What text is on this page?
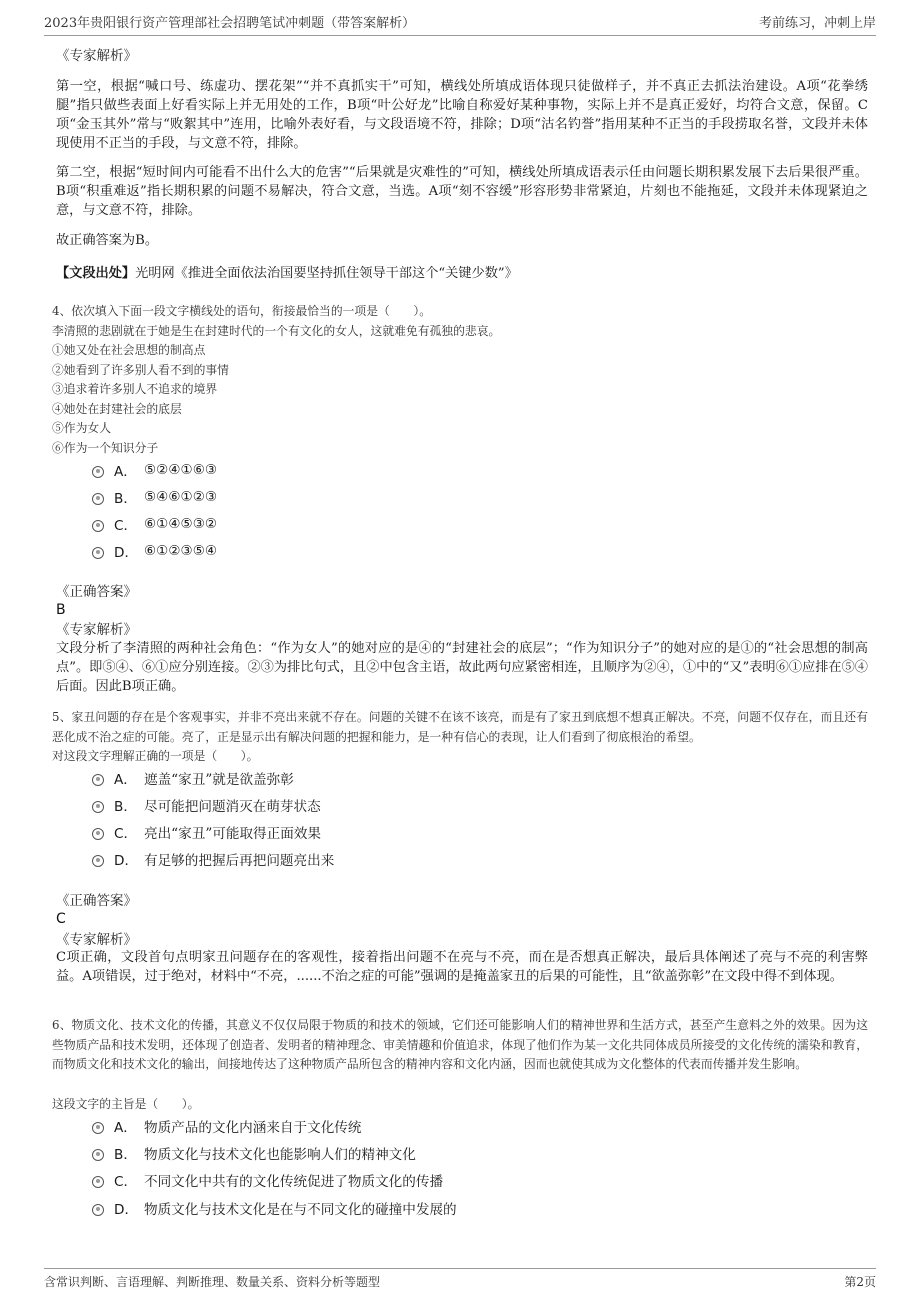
2023年贵阳银行资产管理部社会招聘笔试冲刺题（带答案解析）	考前练习，冲刺上岸
《专家解析》
第一空，根据“喊口号、练虚功、摆花架”“并不真抓实干”可知，横线处所填成语体现只徒做样子，并不真正去抓法治建设。A项“花拳绣腿”指只做些表面上好看实际上并无用处的工作，B项“叶公好龙”比喻自称爱好某种事物，实际上并不是真正爱好，均符合文意，保留。C项“金玉其外”常与“败絮其中”连用，比喻外表好看，与文段语境不符，排除；D项“沽名钓誉”指用某种不正当的手段捞取名誉，文段并未体现使用不正当的手段，与文意不符，排除。
第二空，根据“短时间内可能看不出什么大的危害”“后果就是灾难性的”可知，横线处所填成语表示任由问题长期积累发展下去后果很严重。B项“积重难返”指长期积累的问题不易解决，符合文意，当选。A项“刻不容缓”形容形势非常紧迫，片刻也不能拖延，文段并未体现紧迫之意，与文意不符，排除。
故正确答案为B。
【文段出处】光明网《推进全面依法治国要坚持抓住领导干部这个“关键少数”》
4、依次填入下面一段文字横线处的语句，衔接最恰当的一项是（　　）。
李清照的悲剧就在于她是生在封建时代的一个有文化的女人，这就难免有孤独的悲哀。
①她又处在社会思想的制高点
②她看到了许多别人看不到的事情
③追求着许多别人不追求的境界
④她处在封建社会的底层
⑤作为女人
⑥作为一个知识分子
A． ⑤②④①⑥③
B． ⑤④⑥①②③
C． ⑥①④⑤③②
D． ⑥①②③⑤④
《正确答案》
B
《专家解析》
文段分析了李清照的两种社会角色：“作为女人”的她对应的是④的“封建社会的底层”；“作为知识分子”的她对应的是①的“社会思想的制高点”。即⑤④、⑥①应分别连接。②③为排比句式，且②中包含主语，故此两句应紧密相连，且顺序为②④，①中的“又”表明⑥①应排在⑤④后面。因此B项正确。
5、家丑问题的存在是个客观事实，并非不亮出来就不存在。问题的关键不在该不该亮，而是有了家丑到底想不想真正解决。不亮，问题不仅存在，而且还有恶化成不治之症的可能。亮了，正是显示出有解决问题的把握和能力，是一种有信心的表现，让人们看到了彻底根治的希望。
对这段文字理解正确的一项是（　　）。
A． 遮盖“家丑”就是欲盖弥彰
B． 尽可能把问题消灭在萌芽状态
C． 亮出“家丑”可能取得正面效果
D． 有足够的把握后再把问题亮出来
《正确答案》
C
《专家解析》
C项正确，文段首句点明家丑问题存在的客观性，接着指出问题不在亮与不亮，而在是否想真正解决，最后具体阐述了亮与不亮的利害弊益。A项错误，过于绝对，材料中“不亮，......不治之症的可能”强调的是掩盖家丑的后果的可能性，且“欲盖弥彰”在文段中得不到体现。
6、物质文化、技术文化的传播，其意义不仅仅局限于物质的和技术的领域，它们还可能影响人们的精神世界和生活方式，甚至产生意料之外的效果。因为这些物质产品和技术发明，还体现了创造者、发明者的精神理念、审美情趣和价值追求，体现了他们作为某一文化共同体成员所接受的文化传统的濡染和教育，而物质文化和技术文化的输出，间接地传达了这种物质产品所包含的精神内容和文化内涵，因而也就使其成为文化整体的代表而传播并发生影响。
这段文字的主旨是（　　）。
A． 物质产品的文化内涵来自于文化传统
B． 物质文化与技术文化也能影响人们的精神文化
C． 不同文化中共有的文化传统促进了物质文化的传播
D． 物质文化与技术文化是在与不同文化的碰撞中发展的
含常识判断、言语理解、判断推理、数量关系、资料分析等题型	第2页
